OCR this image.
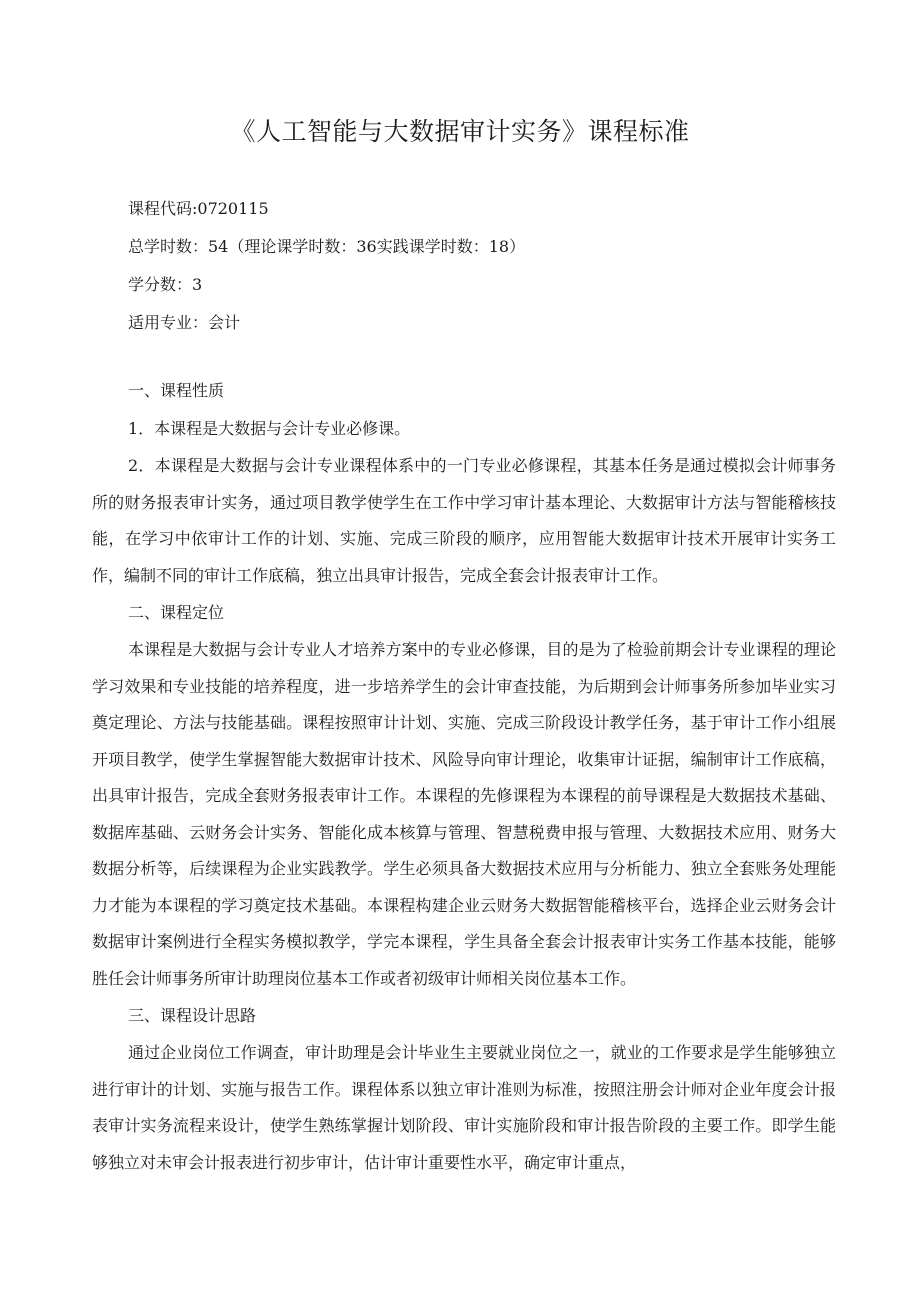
《人工智能与大数据审计实务》课程标准
课程代码:0720115
总学时数：54（理论课学时数：36实践课学时数：18）
学分数：3
适用专业：会计
一、课程性质

1．本课程是大数据与会计专业必修课。

2．本课程是大数据与会计专业课程体系中的一门专业必修课程，其基本任务是通过模拟会计师事务所的财务报表审计实务，通过项目教学使学生在工作中学习审计基本理论、大数据审计方法与智能稽核技能，在学习中依审计工作的计划、实施、完成三阶段的顺序，应用智能大数据审计技术开展审计实务工作，编制不同的审计工作底稿，独立出具审计报告，完成全套会计报表审计工作。

二、课程定位

本课程是大数据与会计专业人才培养方案中的专业必修课，目的是为了检验前期会计专业课程的理论学习效果和专业技能的培养程度，进一步培养学生的会计审查技能，为后期到会计师事务所参加毕业实习奠定理论、方法与技能基础。课程按照审计计划、实施、完成三阶段设计教学任务，基于审计工作小组展开项目教学，使学生掌握智能大数据审计技术、风险导向审计理论，收集审计证据，编制审计工作底稿，出具审计报告，完成全套财务报表审计工作。本课程的先修课程为本课程的前导课程是大数据技术基础、数据库基础、云财务会计实务、智能化成本核算与管理、智慧税费申报与管理、大数据技术应用、财务大数据分析等，后续课程为企业实践教学。学生必须具备大数据技术应用与分析能力、独立全套账务处理能力才能为本课程的学习奠定技术基础。本课程构建企业云财务大数据智能稽核平台，选择企业云财务会计数据审计案例进行全程实务模拟教学，学完本课程，学生具备全套会计报表审计实务工作基本技能，能够胜任会计师事务所审计助理岗位基本工作或者初级审计师相关岗位基本工作。

三、课程设计思路

通过企业岗位工作调查，审计助理是会计毕业生主要就业岗位之一，就业的工作要求是学生能够独立进行审计的计划、实施与报告工作。课程体系以独立审计准则为标准，按照注册会计师对企业年度会计报表审计实务流程来设计，使学生熟练掌握计划阶段、审计实施阶段和审计报告阶段的主要工作。即学生能够独立对未审会计报表进行初步审计，估计审计重要性水平，确定审计重点，
